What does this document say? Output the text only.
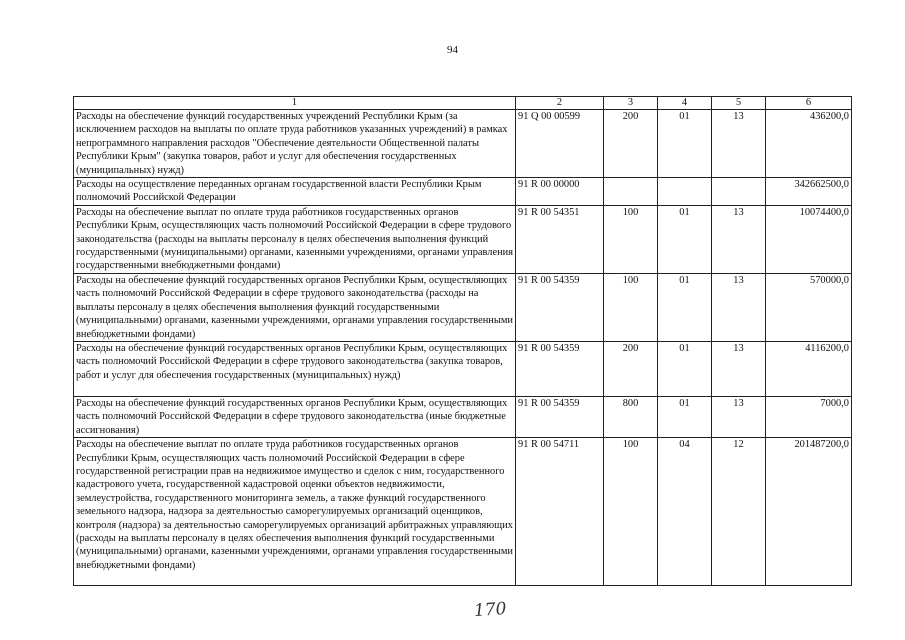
94
1	2	3	4	5	6
Расходы на обеспечение функций государственных учреждений Республики Крым (за исключением расходов на выплаты по оплате труда работников указанных учреждений) в рамках непрограммного направления расходов "Обеспечение деятельности Общественной палаты Республики Крым" (закупка товаров, работ и услуг для обеспечения государственных (муниципальных) нужд)	91 Q 00 00599	200	01	13	436200,0
Расходы на осуществление переданных органам государственной власти Республики Крым полномочий Российской Федерации	91 R 00 00000				342662500,0
Расходы на обеспечение выплат по оплате труда работников государственных органов Республики Крым, осуществляющих часть полномочий Российской Федерации в сфере трудового законодательства (расходы на выплаты персоналу в целях обеспечения выполнения функций государственными (муниципальными) органами, казенными учреждениями, органами управления государственными внебюджетными фондами)	91 R 00 54351	100	01	13	10074400,0
Расходы на обеспечение функций государственных органов Республики Крым, осуществляющих часть полномочий Российской Федерации в сфере трудового законодательства (расходы на выплаты персоналу в целях обеспечения выполнения функций государственными (муниципальными) органами, казенными учреждениями, органами управления государственными внебюджетными фондами)	91 R 00 54359	100	01	13	570000,0
Расходы на обеспечение функций государственных органов Республики Крым, осуществляющих часть полномочий Российской Федерации в сфере трудового законодательства (закупка товаров, работ и услуг для обеспечения государственных (муниципальных) нужд)	91 R 00 54359	200	01	13	4116200,0
Расходы на обеспечение функций государственных органов Республики Крым, осуществляющих часть полномочий Российской Федерации в сфере трудового законодательства (иные бюджетные ассигнования)	91 R 00 54359	800	01	13	7000,0
Расходы на обеспечение выплат по оплате труда работников государственных органов Республики Крым, осуществляющих часть полномочий Российской Федерации в сфере государственной регистрации прав на недвижимое имущество и сделок с ним, государственного кадастрового учета, государственной кадастровой оценки объектов недвижимости, землеустройства, государственного мониторинга земель, а также функций государственного земельного надзора, надзора за деятельностью саморегулируемых организаций оценщиков, контроля (надзора) за деятельностью саморегулируемых организаций арбитражных управляющих (расходы на выплаты персоналу в целях обеспечения выполнения функций государственными (муниципальными) органами, казенными учреждениями, органами управления государственными внебюджетными фондами)	91 R 00 54711	100	04	12	201487200,0
170
